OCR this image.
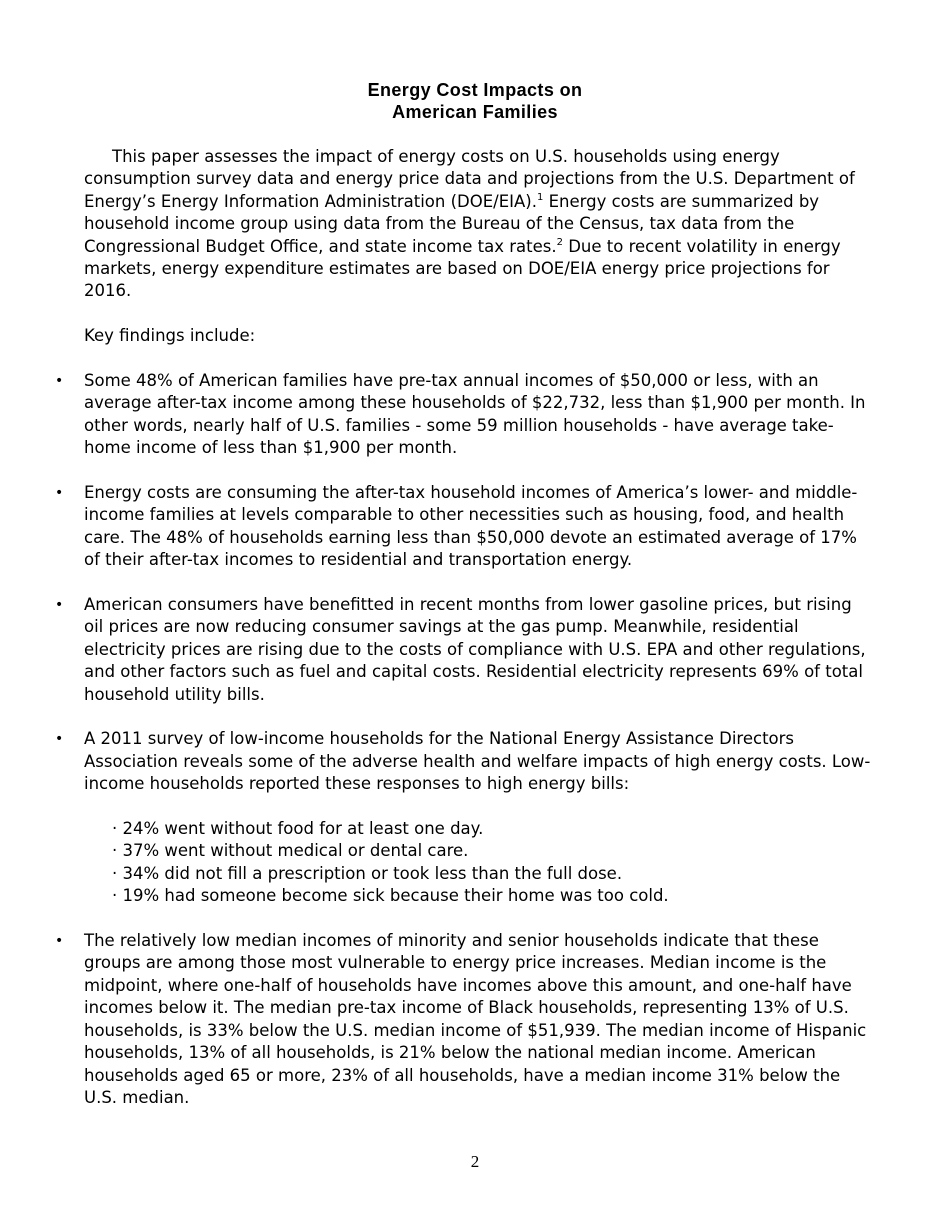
Energy Cost Impacts on
American Families

This paper assesses the impact of energy costs on U.S. households using energy consumption survey data and energy price data and projections from the U.S. Department of Energy’s Energy Information Administration (DOE/EIA).$^1$ Energy costs are summarized by household income group using data from the Bureau of the Census, tax data from the Congressional Budget Office, and state income tax rates.$^2$ Due to recent volatility in energy markets, energy expenditure estimates are based on DOE/EIA energy price projections for 2016.

Key findings include:

• Some 48% of American families have pre-tax annual incomes of $50,000 or less, with an average after-tax income among these households of $22,732, less than $1,900 per month. In other words, nearly half of U.S. families - some 59 million households - have average take-home income of less than $1,900 per month.
• Energy costs are consuming the after-tax household incomes of America’s lower- and middle-income families at levels comparable to other necessities such as housing, food, and health care. The 48% of households earning less than $50,000 devote an estimated average of 17% of their after-tax incomes to residential and transportation energy.
• American consumers have benefitted in recent months from lower gasoline prices, but rising oil prices are now reducing consumer savings at the gas pump. Meanwhile, residential electricity prices are rising due to the costs of compliance with U.S. EPA and other regulations, and other factors such as fuel and capital costs. Residential electricity represents 69% of total household utility bills.
• A 2011 survey of low-income households for the National Energy Assistance Directors Association reveals some of the adverse health and welfare impacts of high energy costs. Low-income households reported these responses to high energy bills:
· 24% went without food for at least one day.
· 37% went without medical or dental care.
· 34% did not fill a prescription or took less than the full dose.
· 19% had someone become sick because their home was too cold.
• The relatively low median incomes of minority and senior households indicate that these groups are among those most vulnerable to energy price increases. Median income is the midpoint, where one-half of households have incomes above this amount, and one-half have incomes below it. The median pre-tax income of Black households, representing 13% of U.S. households, is 33% below the U.S. median income of $51,939. The median income of Hispanic households, 13% of all households, is 21% below the national median income. American households aged 65 or more, 23% of all households, have a median income 31% below the U.S. median.
2
